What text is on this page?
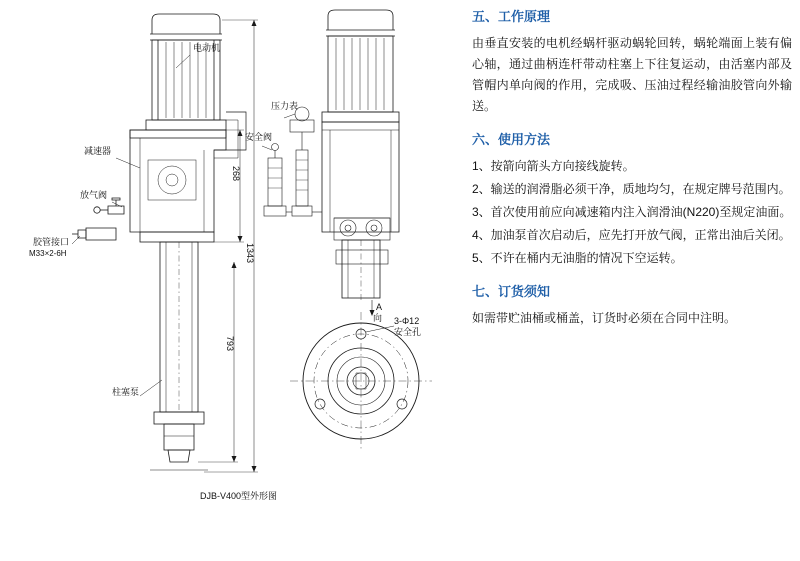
电动机
减速器
放气阀
胶管接口
M33×2-6H
柱塞泵
压力表
安全阀
3-Φ12
安全孔
A
向
268
1343
793
DJB-V400型外形图
五、工作原理

由垂直安装的电机经蜗杆驱动蜗轮回转，蜗轮端面上装有偏心轴，通过曲柄连杆带动柱塞上下往复运动，由活塞内部及管帽内单向阀的作用，完成吸、压油过程经输油胶管向外输送。

六、使用方法

1、按箭向箭头方向接线旋转。

2、输送的润滑脂必须干净，质地均匀，在规定牌号范围内。

3、首次使用前应向减速箱内注入润滑油(N220)至规定油面。

4、加油泵首次启动后，应先打开放气阀，正常出油后关闭。

5、不许在桶内无油脂的情况下空运转。

七、订货须知

如需带贮油桶或桶盖，订货时必须在合同中注明。
